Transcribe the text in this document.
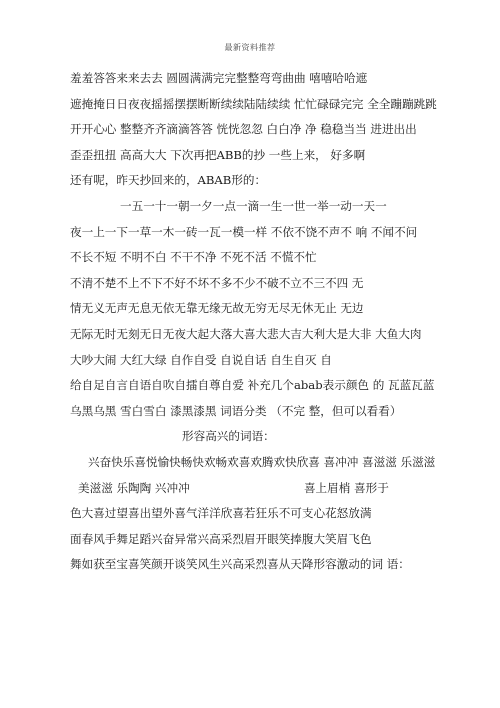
最新资料推荐
羞羞答答来来去去 圆圆满满完完整整弯弯曲曲 嘻嘻哈哈遮
遮掩掩日日夜夜摇摇摆摆断断续续陆陆续续 忙忙碌碌完完 全全蹦蹦跳跳
开开心心 整整齐齐滴滴答答 恍恍忽忽 白白净 净 稳稳当当 进进出出
歪歪扭扭 高高大大 下次再把ABB的抄 一些上来， 好多啊
还有呢，昨天抄回来的，ABAB形的：
一五一十一朝一夕一点一滴一生一世一举一动一天一
夜一上一下一草一木一砖一瓦一模一样 不依不饶不声不 响 不闻不问
不长不短 不明不白 不干不净 不死不活 不慌不忙
不清不楚不上不下不好不坏不多不少不破不立不三不四 无
情无义无声无息无依无靠无缘无故无穷无尽无休无止 无边
无际无时无刻无日无夜大起大落大喜大悲大吉大利大是大非 大鱼大肉
大吵大闹 大红大绿 自作自受 自说自话 自生自灭 自
给自足自言自语自吹自擂自尊自爱 补充几个abab表示颜色 的 瓦蓝瓦蓝
乌黑乌黑 雪白雪白 漆黑漆黑 词语分类 （不完 整，但可以看看）
形容高兴的词语：
兴奋快乐喜悦愉快畅快欢畅欢喜欢腾欢快欣喜 喜冲冲 喜滋滋 乐滋滋
美滋滋 乐陶陶 兴冲冲                               喜上眉梢 喜形于
色大喜过望喜出望外喜气洋洋欣喜若狂乐不可支心花怒放满
面春风手舞足蹈兴奋异常兴高采烈眉开眼笑捧腹大笑眉飞色
舞如获至宝喜笑颜开谈笑风生兴高采烈喜从天降形容激动的词 语：
